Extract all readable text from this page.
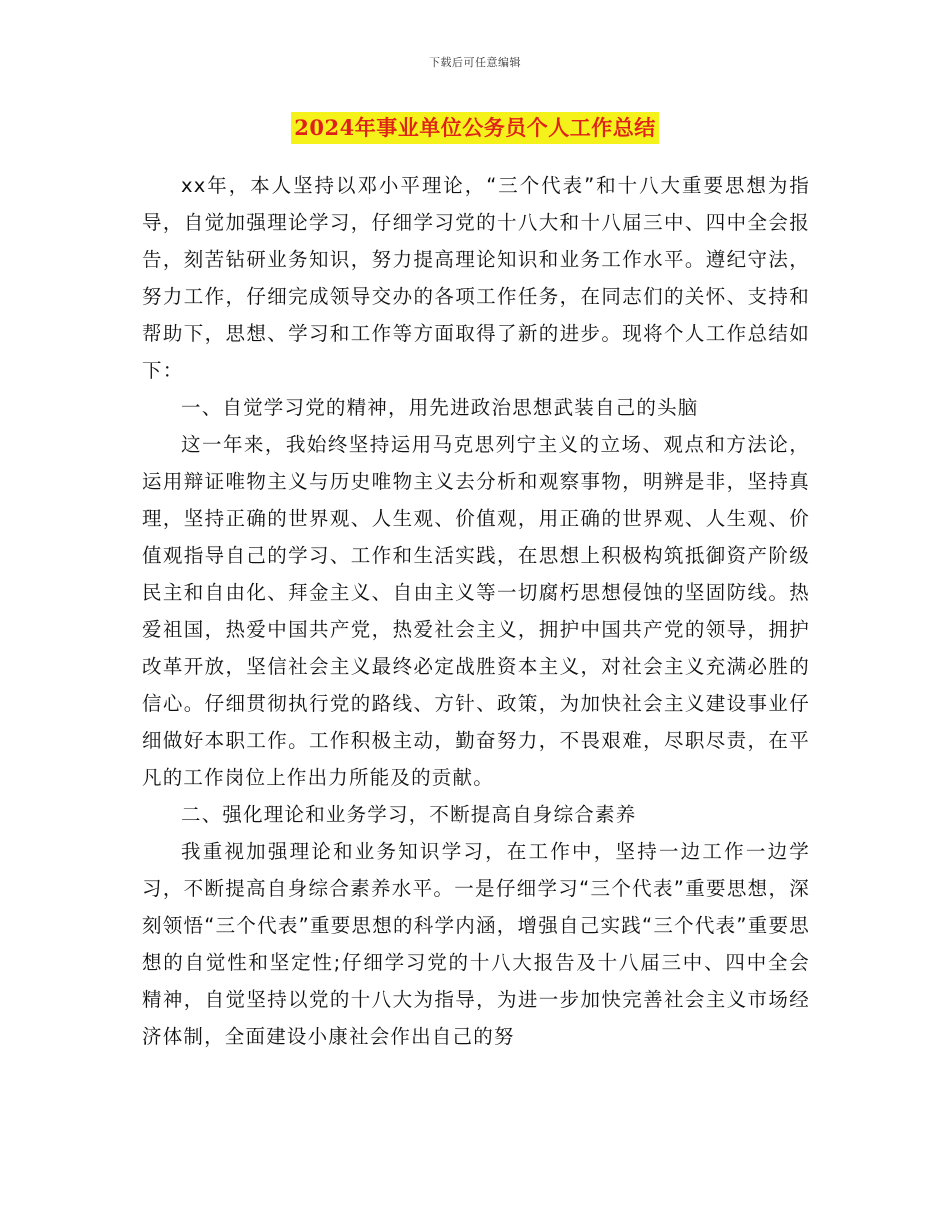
下载后可任意编辑
2024年事业单位公务员个人工作总结

xx年，本人坚持以邓小平理论，“三个代表”和十八大重要思想为指导，自觉加强理论学习，仔细学习党的十八大和十八届三中、四中全会报告，刻苦钻研业务知识，努力提高理论知识和业务工作水平。遵纪守法，努力工作，仔细完成领导交办的各项工作任务，在同志们的关怀、支持和帮助下，思想、学习和工作等方面取得了新的进步。现将个人工作总结如下：

一、自觉学习党的精神，用先进政治思想武装自己的头脑

这一年来，我始终坚持运用马克思列宁主义的立场、观点和方法论，运用辩证唯物主义与历史唯物主义去分析和观察事物，明辨是非，坚持真理，坚持正确的世界观、人生观、价值观，用正确的世界观、人生观、价值观指导自己的学习、工作和生活实践，在思想上积极构筑抵御资产阶级民主和自由化、拜金主义、自由主义等一切腐朽思想侵蚀的坚固防线。热爱祖国，热爱中国共产党，热爱社会主义，拥护中国共产党的领导，拥护改革开放，坚信社会主义最终必定战胜资本主义，对社会主义充满必胜的信心。仔细贯彻执行党的路线、方针、政策，为加快社会主义建设事业仔细做好本职工作。工作积极主动，勤奋努力，不畏艰难，尽职尽责，在平凡的工作岗位上作出力所能及的贡献。

二、强化理论和业务学习，不断提高自身综合素养

我重视加强理论和业务知识学习，在工作中，坚持一边工作一边学习，不断提高自身综合素养水平。一是仔细学习“三个代表”重要思想，深刻领悟“三个代表”重要思想的科学内涵，增强自己实践“三个代表”重要思想的自觉性和坚定性;仔细学习党的十八大报告及十八届三中、四中全会精神，自觉坚持以党的十八大为指导，为进一步加快完善社会主义市场经济体制，全面建设小康社会作出自己的努
